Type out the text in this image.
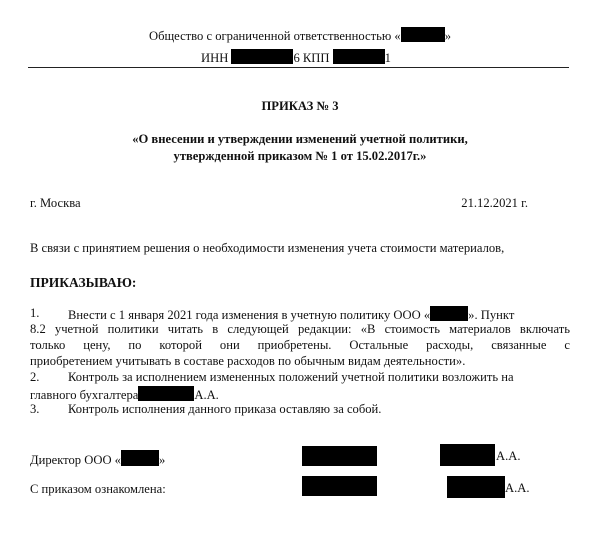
Общество с ограниченной ответственностью «	»
ИНН	6 КПП	1
ПРИКАЗ № 3
«О внесении и утверждении изменений учетной политики,
утвержденной приказом № 1 от 15.02.2017г.»
г. Москва	21.12.2021 г.
В связи с принятием решения о необходимости изменения учета стоимости материалов,
ПРИКАЗЫВАЮ:
1. Внести с 1 января 2021 года изменения в учетную политику ООО «	». Пункт
8.2 учетной политики читать в следующей редакции: «В стоимость материалов включать
только цену, по которой они приобретены. Остальные расходы, связанные с
приобретением учитывать в составе расходов по обычным видам деятельности».
2. Контроль за исполнением измененных положений учетной политики возложить на
главного бухгалтера	А.А.
3. Контроль исполнения данного приказа оставляю за собой.
Директор ООО «	»	А.А.
С приказом ознакомлена:	А.А.
